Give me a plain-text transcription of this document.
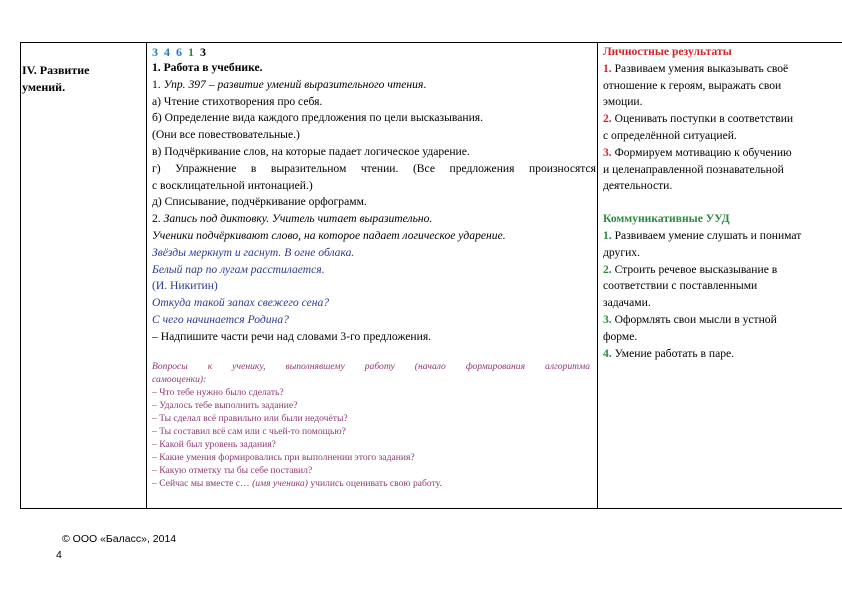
IV. Развитие
умений.
3 4 6 1 3
1. Работа в учебнике.
1. Упр. 397 – развитие умений выразительного чтения.
а) Чтение стихотворения про себя.
б) Определение вида каждого предложения по цели высказывания.
(Они все повествовательные.)
в) Подчёркивание слов, на которые падает логическое ударение.
г) Упражнение в выразительном чтении. (Все предложения произносятся
с восклицательной интонацией.)
д) Списывание, подчёркивание орфограмм.
2. Запись под диктовку. Учитель читает выразительно.
Ученики подчёркивают слово, на которое падает логическое ударение.
Звёзды меркнут и гаснут. В огне облака.
Белый пар по лугам расстилается.
(И. Никитин)
Откуда такой запах свежего сена?
С чего начинается Родина?
– Надпишите части речи над словами 3-го предложения.
Вопросы к ученику, выполнявшему работу (начало формирования алгоритма
самооценки):
– Что тебе нужно было сделать?
– Удалось тебе выполнить задание?
– Ты сделал всё правильно или были недочёты?
– Ты составил всё сам или с чьей-то помощью?
– Какой был уровень задания?
– Какие умения формировались при выполнении этого задания?
– Какую отметку ты бы себе поставил?
– Сейчас мы вместе с… (имя ученика) учились оценивать свою работу.
Личностные результаты
1. Развиваем умения выказывать своё
отношение к героям, выражать свои
эмоции.
2. Оценивать поступки в соответствии
с определённой ситуацией.
3. Формируем мотивацию к обучению
и целенаправленной познавательной
деятельности.
Коммуникативные УУД
1. Развиваем умение слушать и понимат
других.
2. Строить речевое высказывание в
соответствии с поставленными
задачами.
3. Оформлять свои мысли в устной
форме.
4. Умение работать в паре.
© ООО «Баласс», 2014
4
